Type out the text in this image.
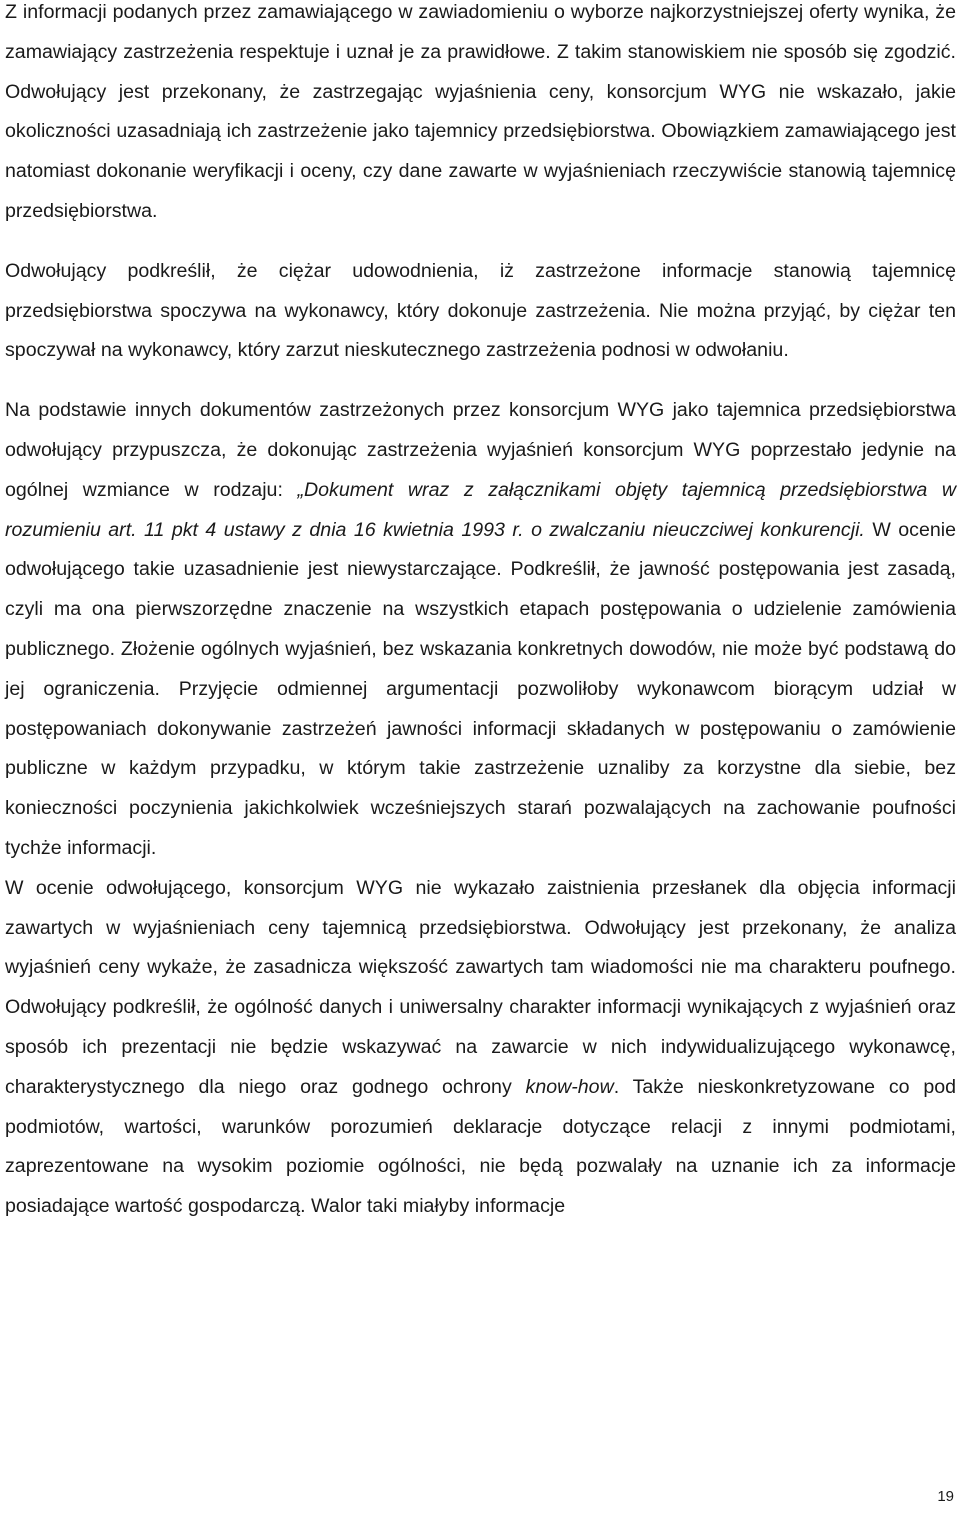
Z informacji podanych przez zamawiającego w zawiadomieniu o wyborze najkorzystniejszej oferty wynika, że zamawiający zastrzeżenia respektuje i uznał je za prawidłowe. Z takim stanowiskiem nie sposób się zgodzić. Odwołujący jest przekonany, że zastrzegając wyjaśnienia ceny, konsorcjum WYG nie wskazało, jakie okoliczności uzasadniają ich zastrzeżenie jako tajemnicy przedsiębiorstwa. Obowiązkiem zamawiającego jest natomiast dokonanie weryfikacji i oceny, czy dane zawarte w wyjaśnieniach rzeczywiście stanowią tajemnicę przedsiębiorstwa.

Odwołujący podkreślił, że ciężar udowodnienia, iż zastrzeżone informacje stanowią tajemnicę przedsiębiorstwa spoczywa na wykonawcy, który dokonuje zastrzeżenia. Nie można przyjąć, by ciężar ten spoczywał na wykonawcy, który zarzut nieskutecznego zastrzeżenia podnosi w odwołaniu.

Na podstawie innych dokumentów zastrzeżonych przez konsorcjum WYG jako tajemnica przedsiębiorstwa odwołujący przypuszcza, że dokonując zastrzeżenia wyjaśnień konsorcjum WYG poprzestało jedynie na ogólnej wzmiance w rodzaju: „Dokument wraz z załącznikami objęty tajemnicą przedsiębiorstwa w rozumieniu art. 11 pkt 4 ustawy z dnia 16 kwietnia 1993 r. o zwalczaniu nieuczciwej konkurencji. W ocenie odwołującego takie uzasadnienie jest niewystarczające. Podkreślił, że jawność postępowania jest zasadą, czyli ma ona pierwszorzędne znaczenie na wszystkich etapach postępowania o udzielenie zamówienia publicznego. Złożenie ogólnych wyjaśnień, bez wskazania konkretnych dowodów, nie może być podstawą do jej ograniczenia. Przyjęcie odmiennej argumentacji pozwoliłoby wykonawcom biorącym udział w postępowaniach dokonywanie zastrzeżeń jawności informacji składanych w postępowaniu o zamówienie publiczne w każdym przypadku, w którym takie zastrzeżenie uznaliby za korzystne dla siebie, bez konieczności poczynienia jakichkolwiek wcześniejszych starań pozwalających na zachowanie poufności tychże informacji.

W ocenie odwołującego, konsorcjum WYG nie wykazało zaistnienia przesłanek dla objęcia informacji zawartych w wyjaśnieniach ceny tajemnicą przedsiębiorstwa. Odwołujący jest przekonany, że analiza wyjaśnień ceny wykaże, że zasadnicza większość zawartych tam wiadomości nie ma charakteru poufnego. Odwołujący podkreślił, że ogólność danych i uniwersalny charakter informacji wynikających z wyjaśnień oraz sposób ich prezentacji nie będzie wskazywać na zawarcie w nich indywidualizującego wykonawcę, charakterystycznego dla niego oraz godnego ochrony know-how. Także nieskonkretyzowane co pod podmiotów, wartości, warunków porozumień deklaracje dotyczące relacji z innymi podmiotami, zaprezentowane na wysokim poziomie ogólności, nie będą pozwalały na uznanie ich za informacje posiadające wartość gospodarczą. Walor taki miałyby informacje

19
